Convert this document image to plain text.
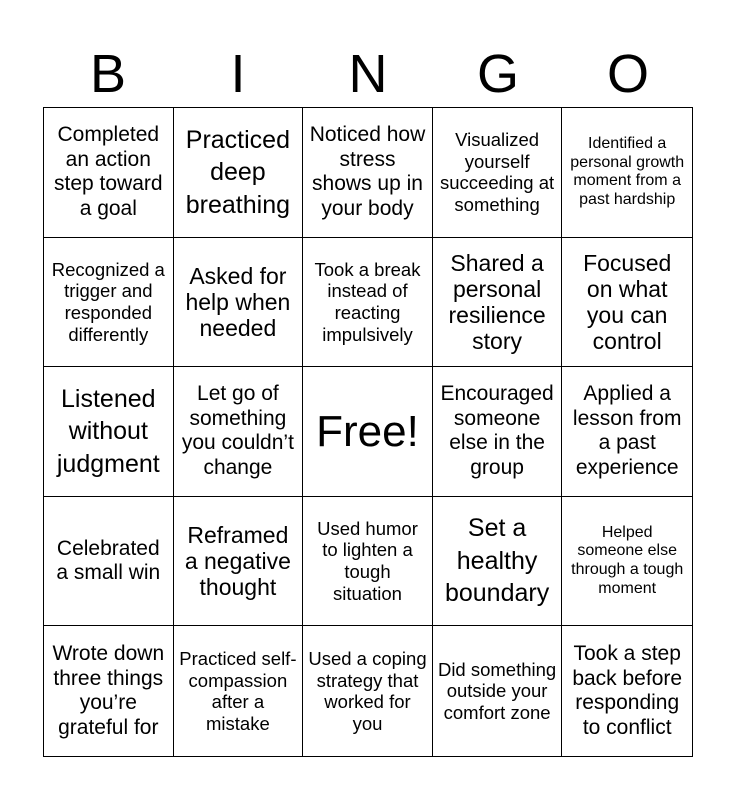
B	I	N	G	O
Completed an action step toward a goal
Practiced deep breathing
Noticed how stress shows up in your body
Visualized yourself succeeding at something
Identified a personal growth moment from a past hardship
Recognized a trigger and responded differently
Asked for help when needed
Took a break instead of reacting impulsively
Shared a personal resilience story
Focused on what you can control
Listened without judgment
Let go of something you couldn’t change
Free!
Encouraged someone else in the group
Applied a lesson from a past experience
Celebrated a small win
Reframed a negative thought
Used humor to lighten a tough situation
Set a healthy boundary
Helped someone else through a tough moment
Wrote down three things you’re grateful for
Practiced self-compassion after a mistake
Used a coping strategy that worked for you
Did something outside your comfort zone
Took a step back before responding to conflict
